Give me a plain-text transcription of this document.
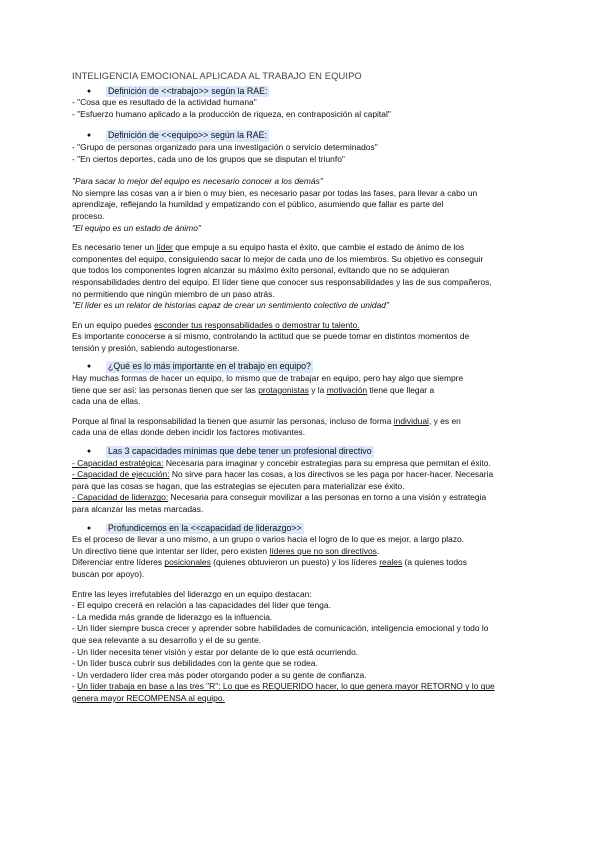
INTELIGENCIA EMOCIONAL APLICADA AL TRABAJO EN EQUIPO
●	Definición de <<trabajo>> según la RAE:
- "Cosa que es resultado de la actividad humana"
- "Esfuerzo humano aplicado a la producción de riqueza, en contraposición al capital"
●	Definición de <<equipo>> según la RAE:
- "Grupo de personas organizado para una investigación o servicio determinados"
- "En ciertos deportes, cada uno de los grupos que se disputan el triunfo"
"Para sacar lo mejor del equipo es necesario conocer a los demás"
No siempre las cosas van a ir bien o muy bien, es necesario pasar por todas las fases, para llevar a cabo un
aprendizaje, reflejando la humildad y empatizando con el público, asumiendo que fallar es parte del
proceso.
"El equipo es un estado de ánimo"
Es necesario tener un líder que empuje a su equipo hasta el éxito, que cambie el estado de ánimo de los
componentes del equipo, consiguiendo sacar lo mejor de cada uno de los miembros. Su objetivo es conseguir
que todos los componentes logren alcanzar su máximo éxito personal, evitando que no se adquieran
responsabilidades dentro del equipo. El líder tiene que conocer sus responsabilidades y las de sus compañeros,
no permitiendo que ningún miembro de un paso atrás.
"El líder es un relator de historias capaz de crear un sentimiento colectivo de unidad"
En un equipo puedes esconder tus responsabilidades o demostrar tu talento.
Es importante conocerse a sí mismo, controlando la actitud que se puede tomar en distintos momentos de
tensión y presión, sabiendo autogestionarse.
●	¿Qué es lo más importante en el trabajo en equipo?
Hay muchas formas de hacer un equipo, lo mismo que de trabajar en equipo, pero hay algo que siempre
tiene que ser así: las personas tienen que ser las protagonistas y la motivación tiene que llegar a
cada una de ellas.
Porque al final la responsabilidad la tienen que asumir las personas, incluso de forma individual, y es en
cada una de ellas donde deben incidir los factores motivantes.
●	Las 3 capacidades mínimas que debe tener un profesional directivo
- Capacidad estratégica: Necesaria para imaginar y concebir estrategias para su empresa que permitan el éxito.
- Capacidad de ejecución: No sirve para hacer las cosas, a los directivos se les paga por hacer-hacer. Necesaria
para que las cosas se hagan, que las estrategias se ejecuten para materializar ese éxito.
- Capacidad de liderazgo: Necesaria para conseguir movilizar a las personas en torno a una visión y estrategia
para alcanzar las metas marcadas.
●	Profundicemos en la <<capacidad de liderazgo>>
Es el proceso de llevar a uno mismo, a un grupo o varios hacia el logro de lo que es mejor, a largo plazo.
Un directivo tiene que intentar ser líder, pero existen líderes que no son directivos.
Diferenciar entre líderes posicionales (quienes obtuvieron un puesto) y los líderes reales (a quienes todos
buscan por apoyo).
Entre las leyes irrefutables del liderazgo en un equipo destacan:
- El equipo crecerá en relación a las capacidades del líder que tenga.
- La medida más grande de liderazgo es la influencia.
- Un líder siempre busca crecer y aprender sobre habilidades de comunicación, inteligencia emocional y todo lo
que sea relevante a su desarrollo y el de su gente.
- Un líder necesita tener visión y estar por delante de lo que está ocurriendo.
- Un líder busca cubrir sus debilidades con la gente que se rodea.
- Un verdadero líder crea más poder otorgando poder a su gente de confianza.
- Un líder trabaja en base a las tres "R": Lo que es REQUERIDO hacer, lo que genera mayor RETORNO y lo que
genera mayor RECOMPENSA al equipo.
